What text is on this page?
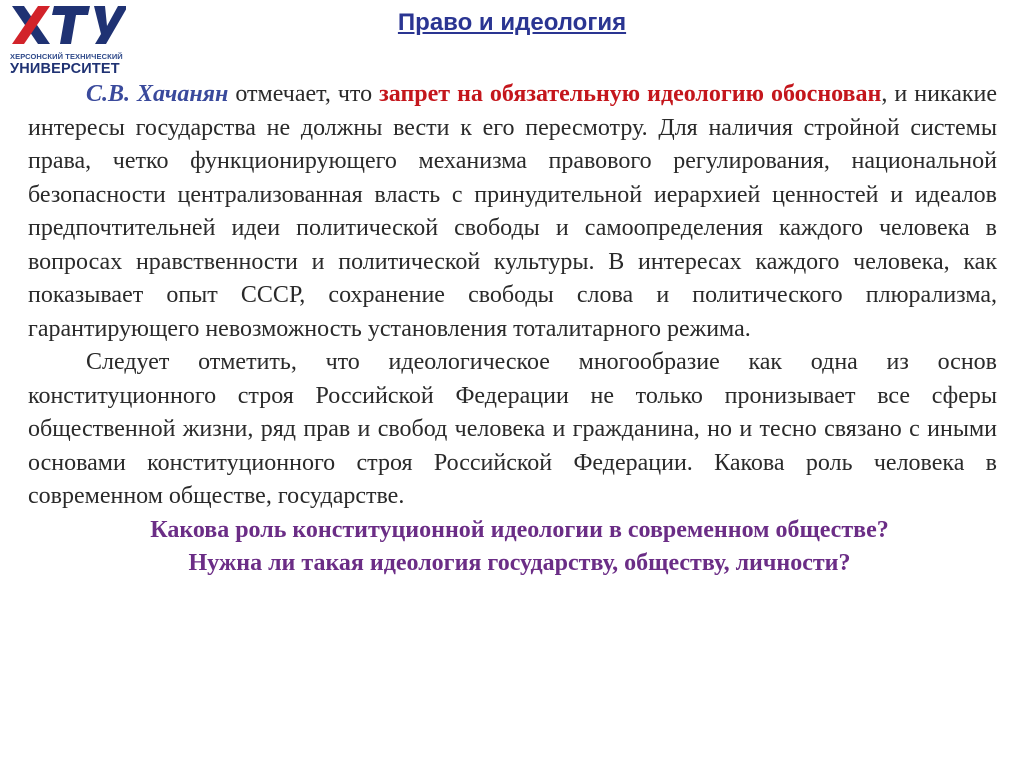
ХЕРСОНСКИЙ ТЕХНИЧЕСКИЙ
УНИВЕРСИТЕТ
Право и идеология

С.В. Хачанян отмечает, что запрет на обязательную идеологию обоснован, и никакие интересы государства не должны вести к его пересмотру. Для наличия стройной системы права, четко функционирующего механизма правового регулирования, национальной безопасности централизованная власть с принудительной иерархией ценностей и идеалов предпочтительней идеи политической свободы и самоопределения каждого человека в вопросах нравственности и политической культуры. В интересах каждого человека, как показывает опыт СССР, сохранение свободы слова и политического плюрализма, гарантирующего невозможность установления тоталитарного режима.

Следует отметить, что идеологическое многообразие как одна из основ конституционного строя Российской Федерации не только пронизывает все сферы общественной жизни, ряд прав и свобод человека и гражданина, но и тесно связано с иными основами конституционного строя Российской Федерации. Какова роль человека в современном обществе, государстве.

Какова роль конституционной идеологии в современном обществе?

Нужна ли такая идеология государству, обществу, личности?
